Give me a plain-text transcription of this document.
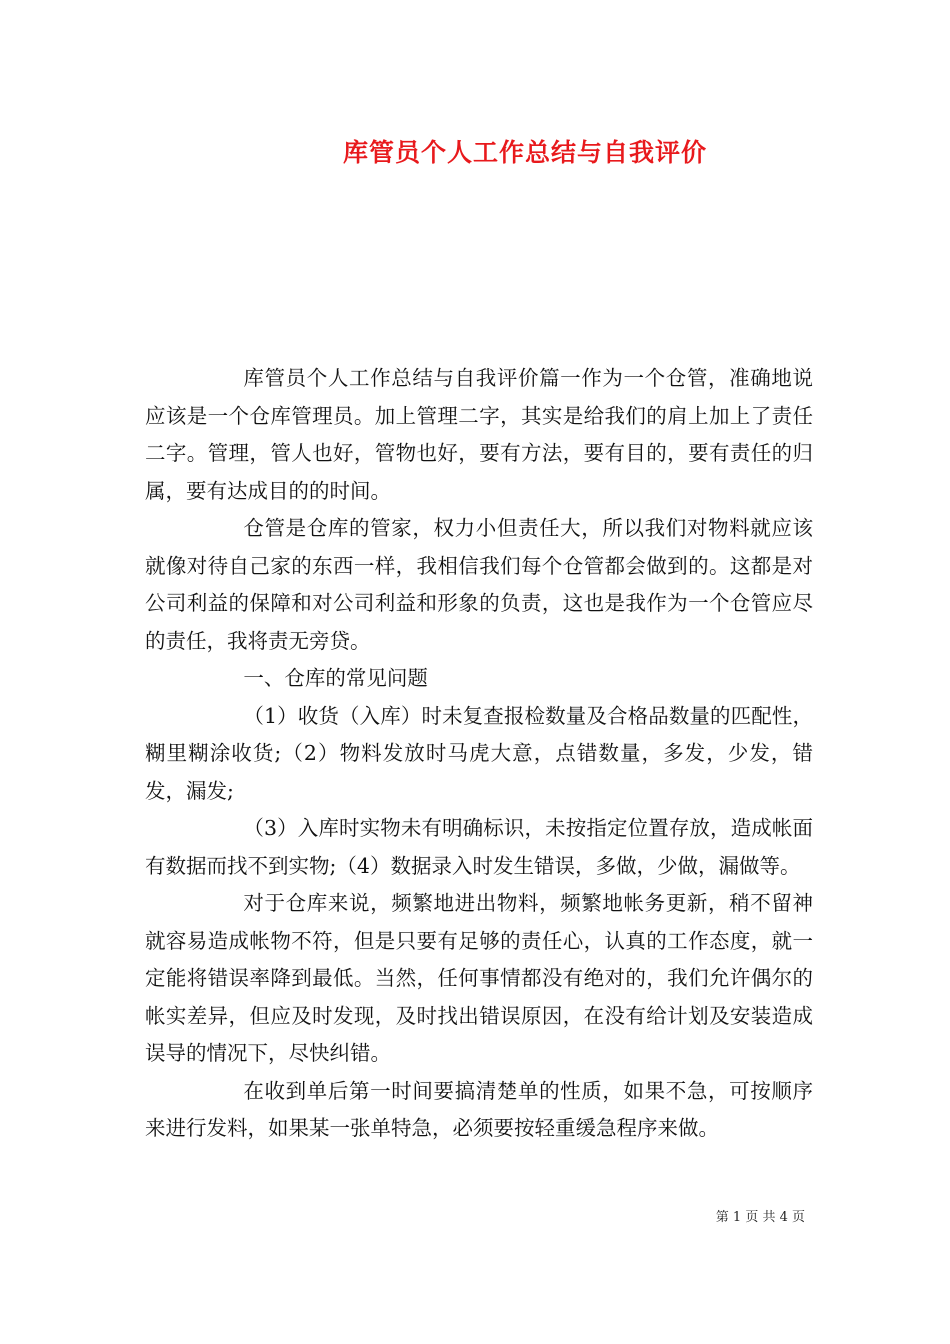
库管员个人工作总结与自我评价

库管员个人工作总结与自我评价篇一作为一个仓管，准确地说应该是一个仓库管理员。加上管理二字，其实是给我们的肩上加上了责任二字。管理，管人也好，管物也好，要有方法，要有目的，要有责任的归属，要有达成目的的时间。

仓管是仓库的管家，权力小但责任大，所以我们对物料就应该就像对待自己家的东西一样，我相信我们每个仓管都会做到的。这都是对公司利益的保障和对公司利益和形象的负责，这也是我作为一个仓管应尽的责任，我将责无旁贷。

一、仓库的常见问题

（1）收货（入库）时未复查报检数量及合格品数量的匹配性，糊里糊涂收货;（2）物料发放时马虎大意，点错数量，多发，少发，错发，漏发;

（3）入库时实物未有明确标识，未按指定位置存放，造成帐面有数据而找不到实物;（4）数据录入时发生错误，多做，少做，漏做等。

对于仓库来说，频繁地进出物料，频繁地帐务更新，稍不留神就容易造成帐物不符，但是只要有足够的责任心，认真的工作态度，就一定能将错误率降到最低。当然，任何事情都没有绝对的，我们允许偶尔的帐实差异，但应及时发现，及时找出错误原因，在没有给计划及安装造成误导的情况下，尽快纠错。

在收到单后第一时间要搞清楚单的性质，如果不急，可按顺序来进行发料，如果某一张单特急，必须要按轻重缓急程序来做。

第 1 页 共 4 页
